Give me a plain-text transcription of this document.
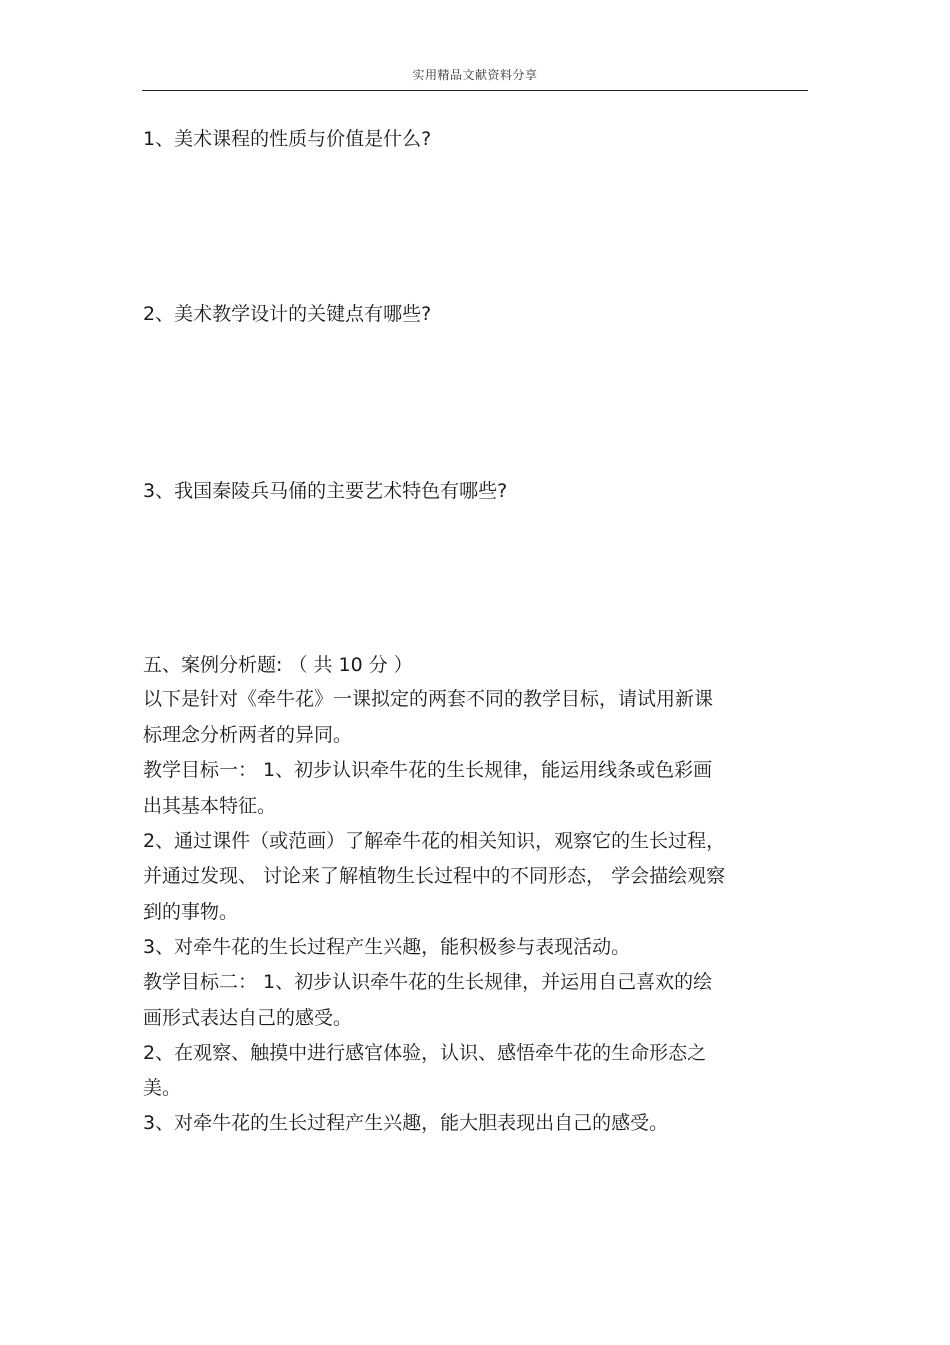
实用精品文献资料分享
1、美术课程的性质与价值是什么?
2、美术教学设计的关键点有哪些?
3、我国秦陵兵马俑的主要艺术特色有哪些?
五、案例分析题: （ 共 10 分 ）
以下是针对《牵牛花》一课拟定的两套不同的教学目标，请试用新课
标理念分析两者的异同。
教学目标一： 1、初步认识牵牛花的生长规律，能运用线条或色彩画
出其基本特征。
2、通过课件（或范画）了解牵牛花的相关知识，观察它的生长过程，
并通过发现、 讨论来了解植物生长过程中的不同形态， 学会描绘观察
到的事物。
3、对牵牛花的生长过程产生兴趣，能积极参与表现活动。
教学目标二： 1、初步认识牵牛花的生长规律，并运用自己喜欢的绘
画形式表达自己的感受。
2、在观察、触摸中进行感官体验，认识、感悟牵牛花的生命形态之
美。
3、对牵牛花的生长过程产生兴趣，能大胆表现出自己的感受。
